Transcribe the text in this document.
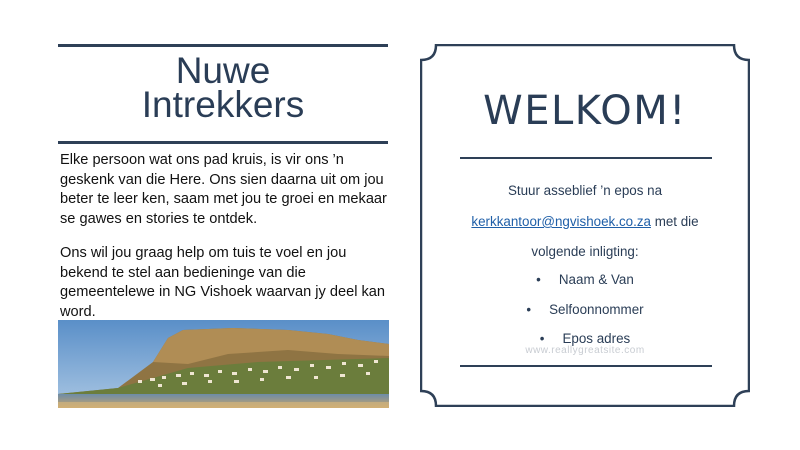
Nuwe
Intrekkers
Elke persoon wat ons pad kruis, is vir ons ’n geskenk van die Here. Ons sien daarna uit om jou beter te leer ken, saam met jou te groei en mekaar se gawes en stories te ontdek.
Ons wil jou graag help om tuis te voel en jou bekend te stel aan bedieninge van die gemeentelewe in NG Vishoek waarvan jy deel kan word.
WELKOM!
Stuur asseblief ’n epos na
kerkkantoor@ngvishoek.co.za met die
volgende inligting:
• Naam & Van
• Selfoonnommer
• Epos adres
www.reallygreatsite.com
